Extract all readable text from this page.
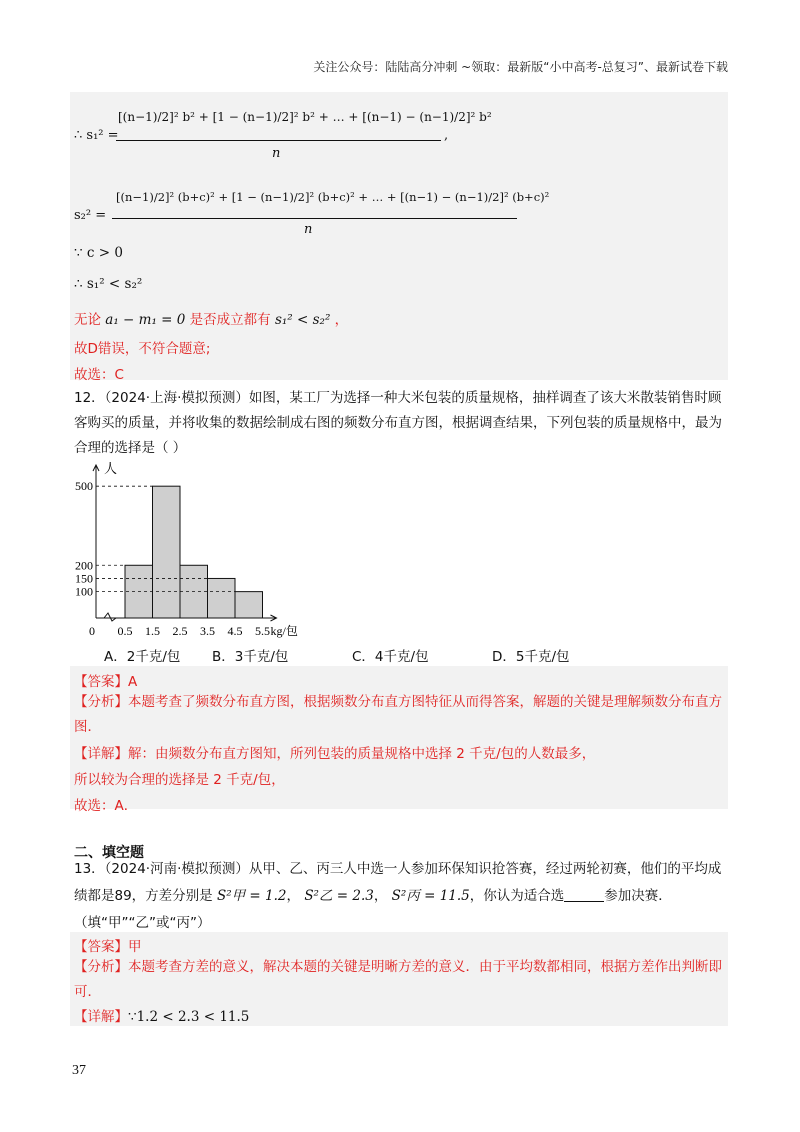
关注公众号：陆陆高分冲刺 ~领取：最新版“小中高考-总复习”、最新试卷下载
∴ s₁² =
[(n−1)/2]² b² + [1 − (n−1)/2]² b² + … + [(n−1) − (n−1)/2]² b²
n
,
s₂² =
[(n−1)/2]² (b+c)² + [1 − (n−1)/2]² (b+c)² + … + [(n−1) − (n−1)/2]² (b+c)²
n
∵ c > 0
∴ s₁² < s₂²
无论 a₁ − m₁ = 0 是否成立都有 s₁² < s₂² ，
故D错误，不符合题意;
故选：C
12．（2024·上海·模拟预测）如图，某工厂为选择一种大米包装的质量规格，抽样调查了该大米散装销售时顾客购买的质量，并将收集的数据绘制成右图的频数分布直方图，根据调查结果，下列包装的质量规格中，最为合理的选择是（ ）
100
150
200
500
0.5 1.5 2.5 3.5 4.5 5.5
0
人
kg/包
A．2千克/包 B．3千克/包	C．4千克/包	D．5千克/包
【答案】A
【分析】本题考查了频数分布直方图，根据频数分布直方图特征从而得答案，解题的关键是理解频数分布直方图．
【详解】解：由频数分布直方图知，所列包装的质量规格中选择 2 千克/包的人数最多，
所以较为合理的选择是 2 千克/包，
故选：A．
二、填空题
13．（2024·河南·模拟预测）从甲、乙、丙三人中选一人参加环保知识抢答赛，经过两轮初赛，他们的平均成绩都是89，方差分别是 S²甲 = 1.2， S²乙 = 2.3， S²丙 = 11.5，你认为适合选	参加决赛．（填“甲”“乙”或“丙”）
【答案】甲
【分析】本题考查方差的意义，解决本题的关键是明晰方差的意义．由于平均数都相同，根据方差作出判断即可．
【详解】∵1.2 < 2.3 < 11.5
37
